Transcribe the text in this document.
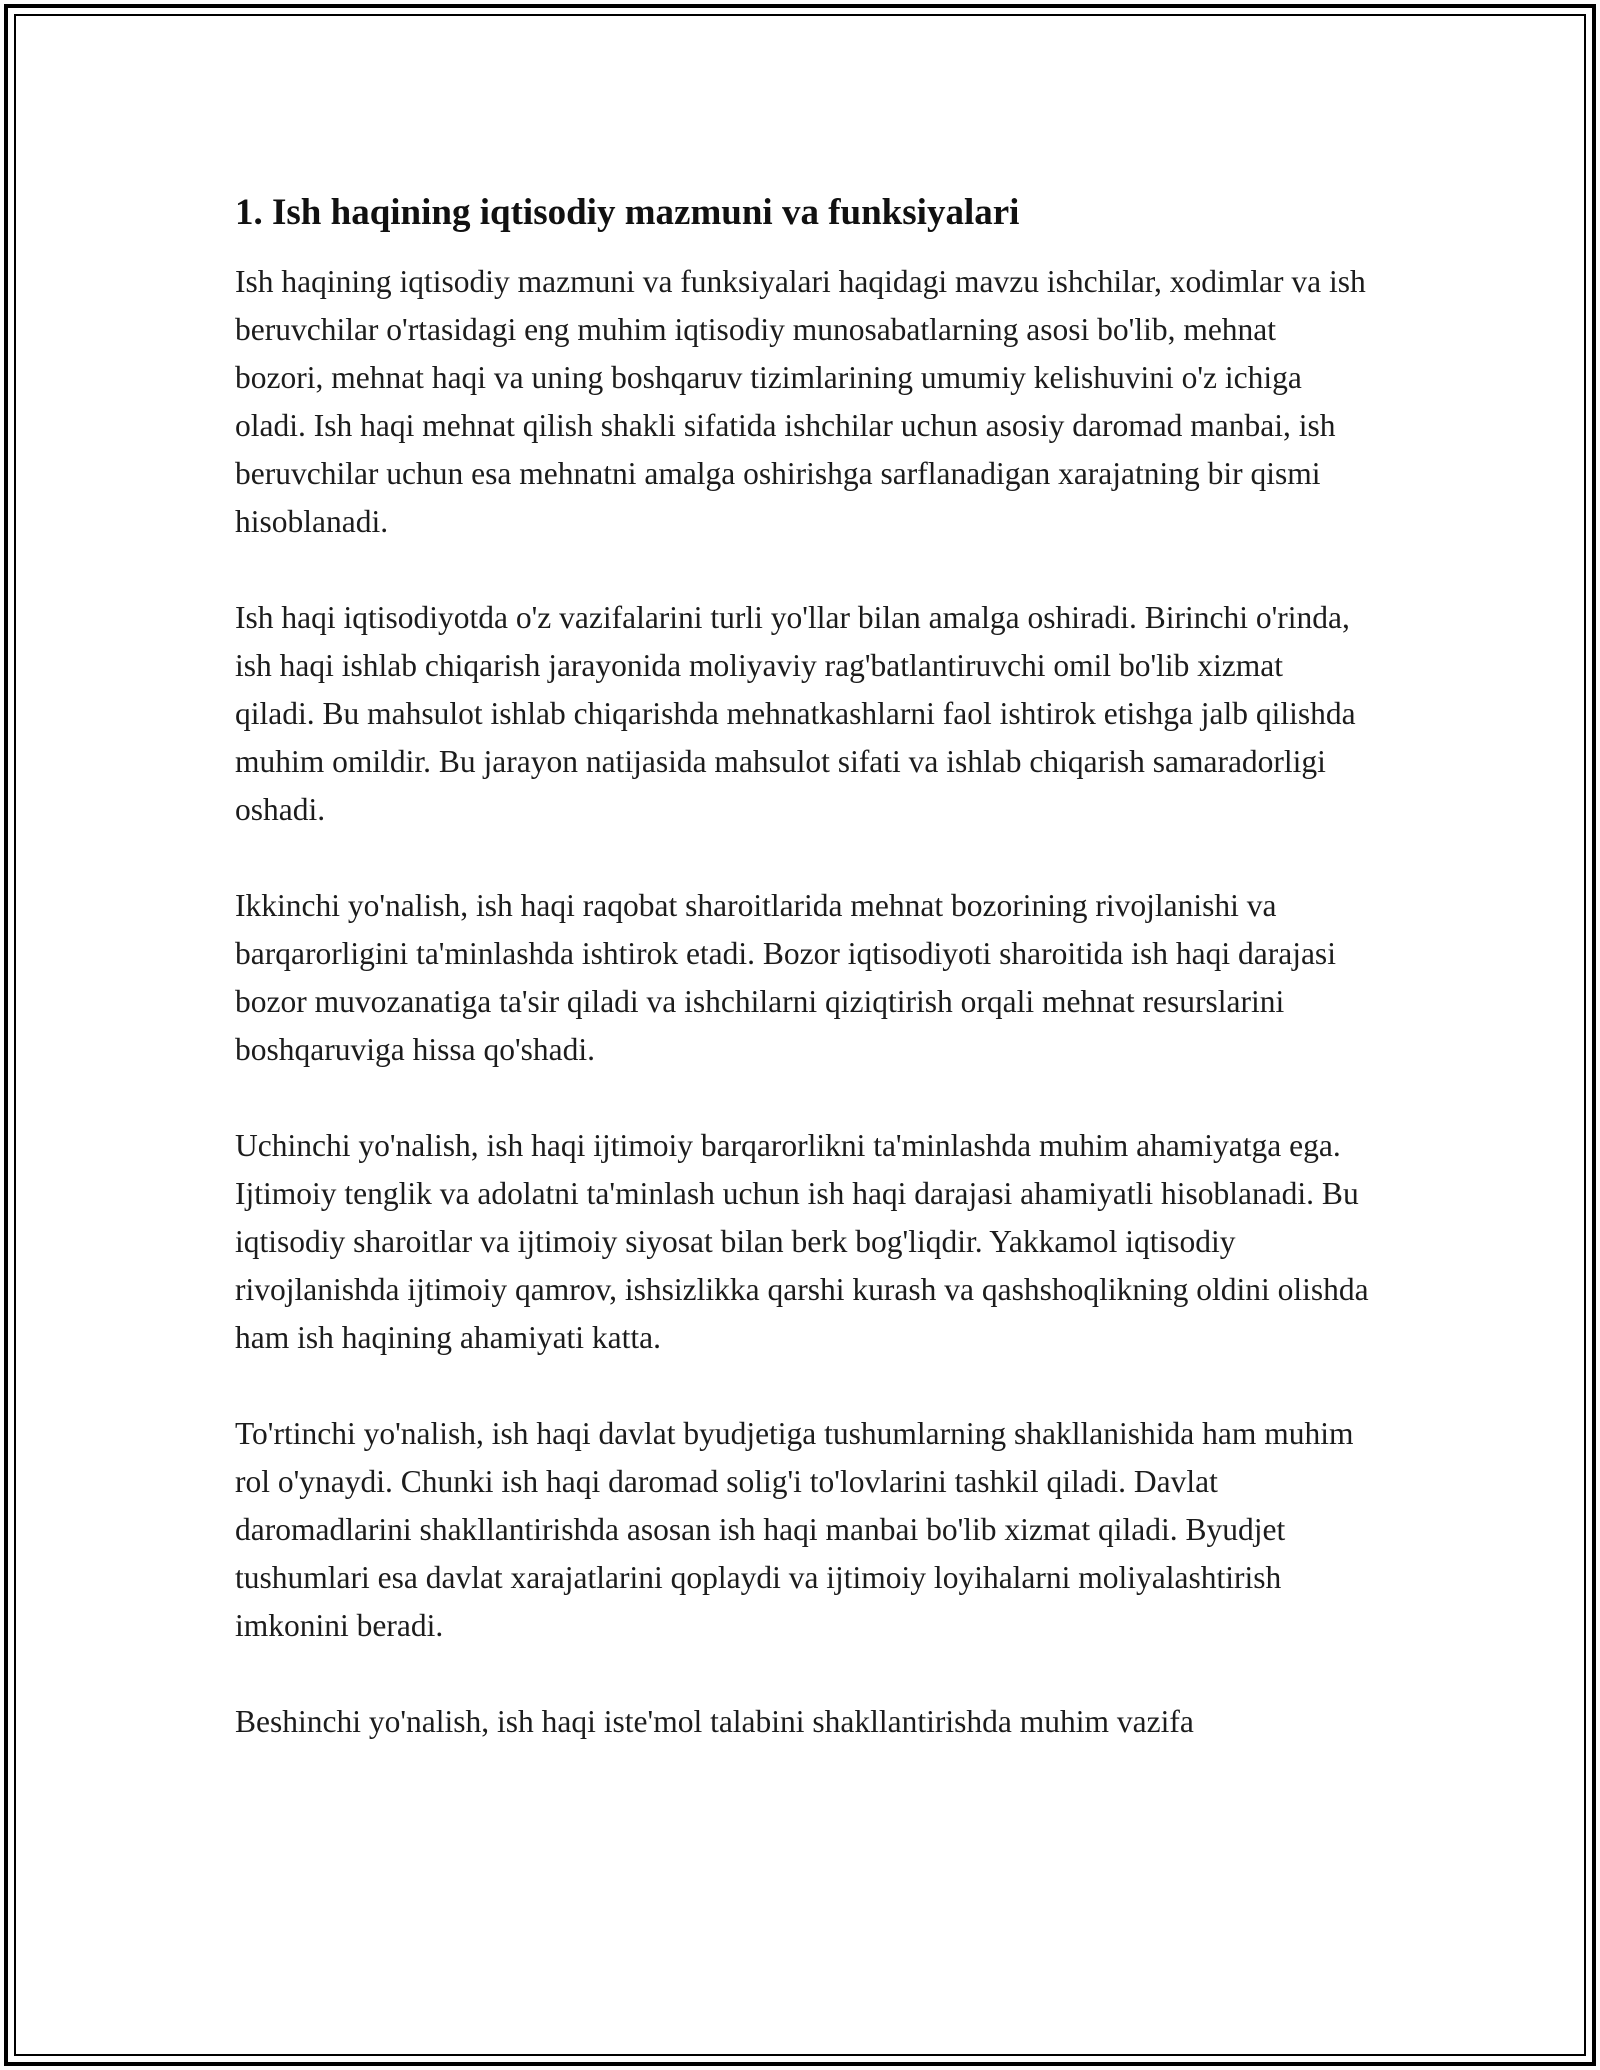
1. Ish haqining iqtisodiy mazmuni va funksiyalari

Ish haqining iqtisodiy mazmuni va funksiyalari haqidagi mavzu ishchilar, xodimlar va ish beruvchilar o'rtasidagi eng muhim iqtisodiy munosabatlarning asosi bo'lib, mehnat bozori, mehnat haqi va uning boshqaruv tizimlarining umumiy kelishuvini o'z ichiga oladi. Ish haqi mehnat qilish shakli sifatida ishchilar uchun asosiy daromad manbai, ish beruvchilar uchun esa mehnatni amalga oshirishga sarflanadigan xarajatning bir qismi hisoblanadi.

Ish haqi iqtisodiyotda o'z vazifalarini turli yo'llar bilan amalga oshiradi. Birinchi o'rinda, ish haqi ishlab chiqarish jarayonida moliyaviy rag'batlantiruvchi omil bo'lib xizmat qiladi. Bu mahsulot ishlab chiqarishda mehnatkashlarni faol ishtirok etishga jalb qilishda muhim omildir. Bu jarayon natijasida mahsulot sifati va ishlab chiqarish samaradorligi oshadi.

Ikkinchi yo'nalish, ish haqi raqobat sharoitlarida mehnat bozorining rivojlanishi va barqarorligini ta'minlashda ishtirok etadi. Bozor iqtisodiyoti sharoitida ish haqi darajasi bozor muvozanatiga ta'sir qiladi va ishchilarni qiziqtirish orqali mehnat resurslarini boshqaruviga hissa qo'shadi.

Uchinchi yo'nalish, ish haqi ijtimoiy barqarorlikni ta'minlashda muhim ahamiyatga ega. Ijtimoiy tenglik va adolatni ta'minlash uchun ish haqi darajasi ahamiyatli hisoblanadi. Bu iqtisodiy sharoitlar va ijtimoiy siyosat bilan berk bog'liqdir. Yakkamol iqtisodiy rivojlanishda ijtimoiy qamrov, ishsizlikka qarshi kurash va qashshoqlikning oldini olishda ham ish haqining ahamiyati katta.

To'rtinchi yo'nalish, ish haqi davlat byudjetiga tushumlarning shakllanishida ham muhim rol o'ynaydi. Chunki ish haqi daromad solig'i to'lovlarini tashkil qiladi. Davlat daromadlarini shakllantirishda asosan ish haqi manbai bo'lib xizmat qiladi. Byudjet tushumlari esa davlat xarajatlarini qoplaydi va ijtimoiy loyihalarni moliyalashtirish imkonini beradi.

Beshinchi yo'nalish, ish haqi iste'mol talabini shakllantirishda muhim vazifa
